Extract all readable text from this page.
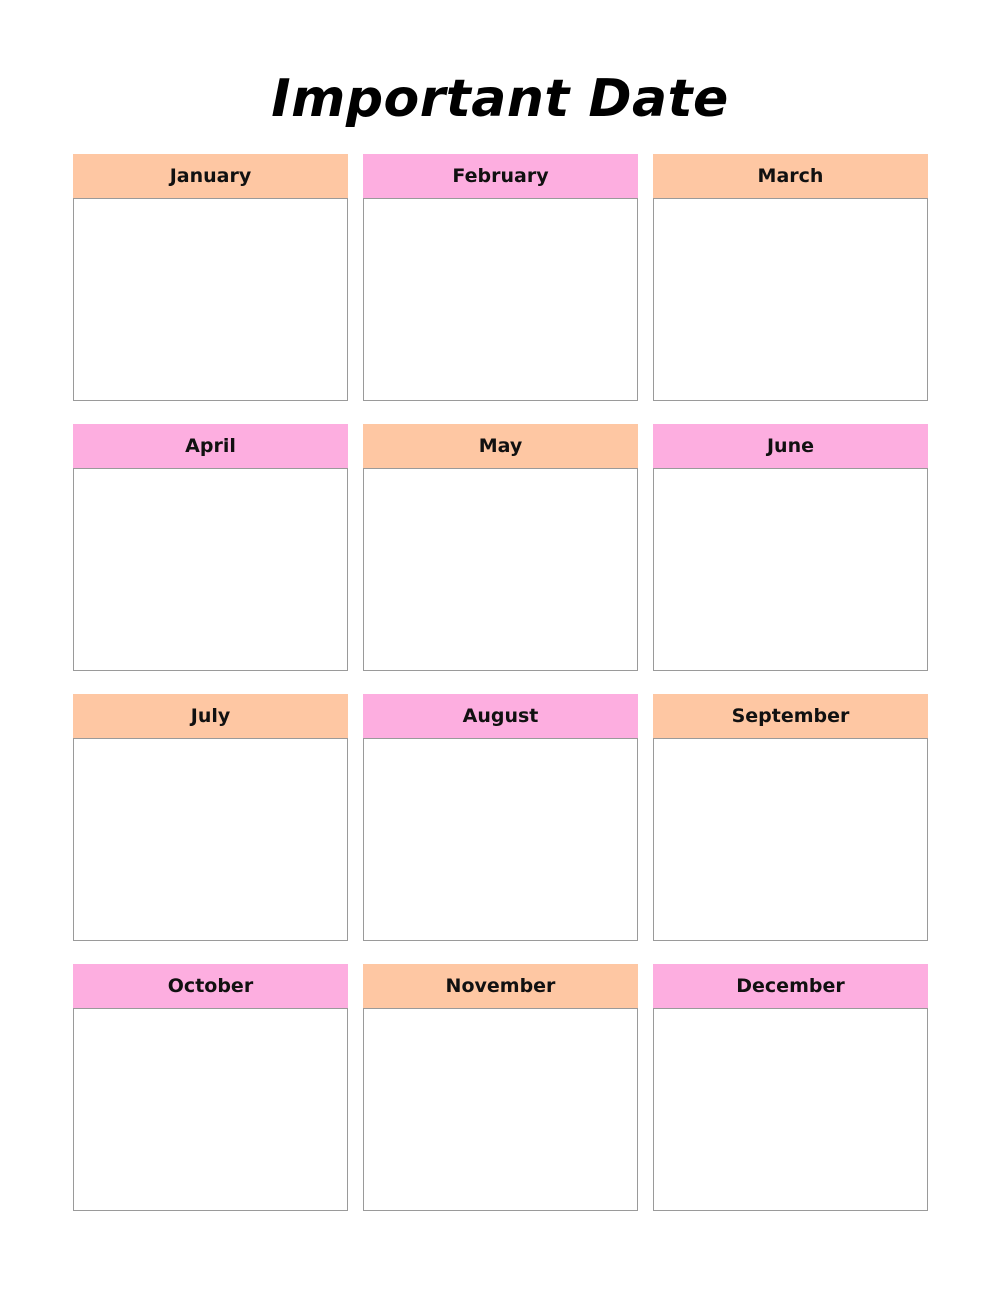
Important Date
January	February	March
April	May	June
July	August	September
October	November	December
